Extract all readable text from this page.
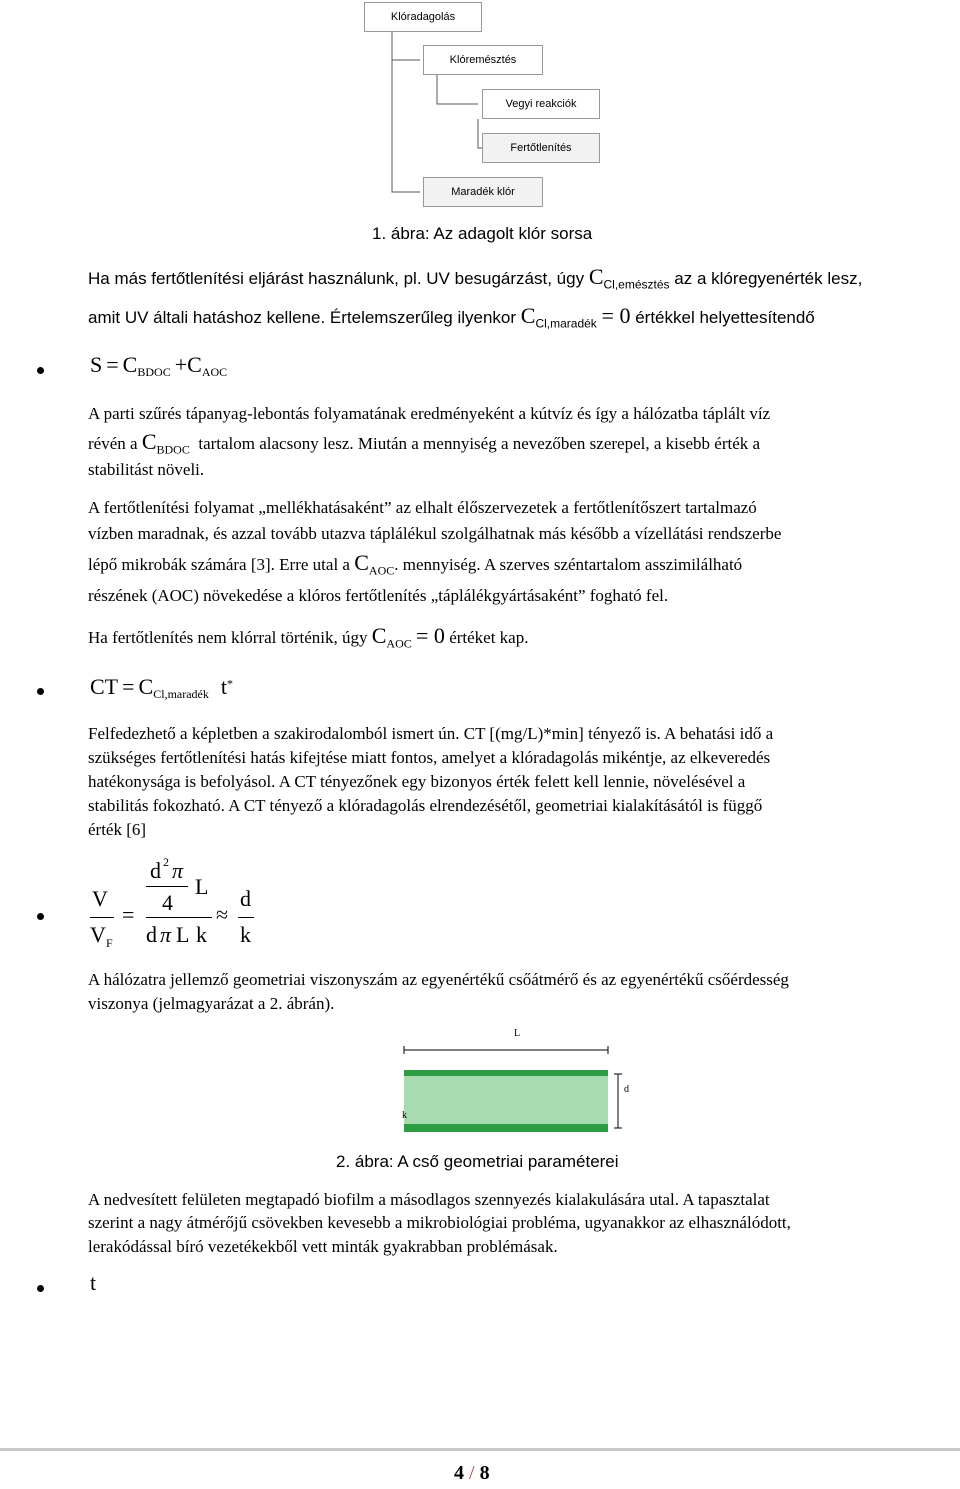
Klóradagolás
Klóremésztés
Vegyi reakciók
Fertőtlenítés
Maradék klór
1. ábra: Az adagolt klór sorsa
Ha más fertőtlenítési eljárást használunk, pl. UV besugárzást, úgy $C_{Cl,emésztés}$ az a klóregyenérték lesz,
amit UV általi hatáshoz kellene. Értelemszerűleg ilyenkor $C_{Cl,maradék} = 0$ értékkel helyettesítendő
$S = C_{BDOC} +C_{AOC}$
A parti szűrés tápanyag-lebontás folyamatának eredményeként a kútvíz és így a hálózatba táplált víz
révén a $C_{BDOC}$ tartalom alacsony lesz. Miután a mennyiség a nevezőben szerepel, a kisebb érték a
stabilitást növeli.
A fertőtlenítési folyamat „mellékhatásaként” az elhalt élőszervezetek a fertőtlenítőszert tartalmazó
vízben maradnak, és azzal tovább utazva táplálékul szolgálhatnak más később a vízellátási rendszerbe
lépő mikrobák számára [3]. Erre utal a $C_{AOC}$. mennyiség. A szerves széntartalom asszimilálható
részének (AOC) növekedése a klóros fertőtlenítés „táplálékgyártásaként” fogható fel.
Ha fertőtlenítés nem klórral történik, úgy $C_{AOC} = 0$ értéket kap.
CT = $C_{Cl,maradék}$ t*
Felfedezhető a képletben a szakirodalomból ismert ún. CT [(mg/L)*min] tényező is. A behatási idő a
szükséges fertőtlenítési hatás kifejtése miatt fontos, amelyet a klóradagolás mikéntje, az elkeveredés
hatékonysága is befolyásol. A CT tényezőnek egy bizonyos érték felett kell lennie, növelésével a
stabilitás fokozható. A CT tényező a klóradagolás elrendezésétől, geometriai kialakításától is függő
érték [6]
V
V F
=
d 2 π
4
L
d π L k
≈
d
k
A hálózatra jellemző geometriai viszonyszám az egyenértékű csőátmérő és az egyenértékű csőérdesség
viszonya (jelmagyarázat a 2. ábrán).
L
d
k
2. ábra: A cső geometriai paraméterei
A nedvesített felületen megtapadó biofilm a másodlagos szennyezés kialakulására utal. A tapasztalat
szerint a nagy átmérőjű csövekben kevesebb a mikrobiológiai probléma, ugyanakkor az elhasználódott,
lerakódással bíró vezetékekből vett minták gyakrabban problémásak.
t
4 / 8
